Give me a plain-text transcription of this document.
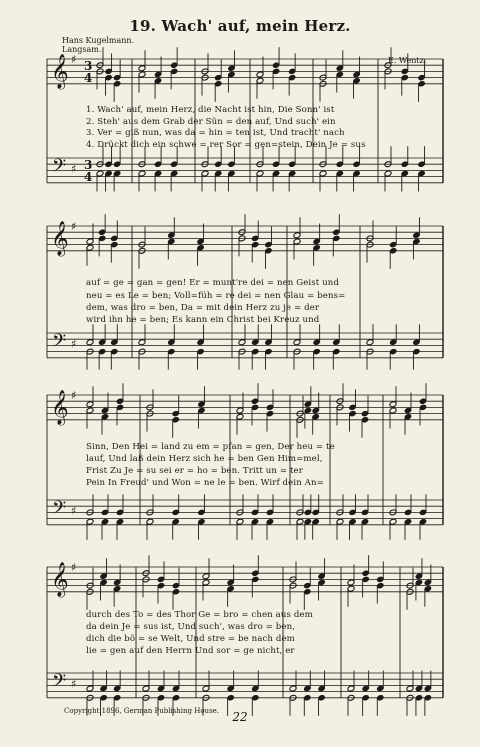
19. Wach' auf, mein Herz.
Hans Kugelmann.
Langsam.
E. Wentz.
𝄞
𝄢
♯
♯
3
4
3
4
𝄞
𝄢
♯
♯
𝄞
𝄢
♯
♯
𝄞
𝄢
♯
♯
1. Wach' auf, mein Herz, die Nacht ist hin, Die Sonn' ist
2. Steh' aus dem Grab der Sün = den auf, Und such' ein
3. Ver = giß nun, was da = hin = ten ist, Und tracht' nach
4. Drückt dich ein schwe = rer Sor = gen=stein, Dein Je = sus
auf = ge = gan = gen! Er = munt're dei = nen Geist und
neu = es Le = ben; Voll=füh = re dei = nen Glau = bens=
dem, was dro = ben, Da = mit dein Herz zu je = der
wird ihn he = ben; Es kann ein Christ bei Kreuz und
Sinn, Den Hei = land zu em = pfan = gen, Der heu = te
lauf, Und laß dein Herz sich he = ben Gen Him=mel,
Frist Zu Je = su sei er = ho = ben. Tritt un = ter
Pein In Freud' und Won = ne le = ben. Wirf dein An=
durch des To = des Thor Ge = bro = chen aus dem
da dein Je = sus ist, Und such', was dro = ben,
dich die bö = se Welt, Und stre = be nach dem
lie = gen auf den Herrn Und sor = ge nicht, er
Copyright 1896, German Publishing House.	22
